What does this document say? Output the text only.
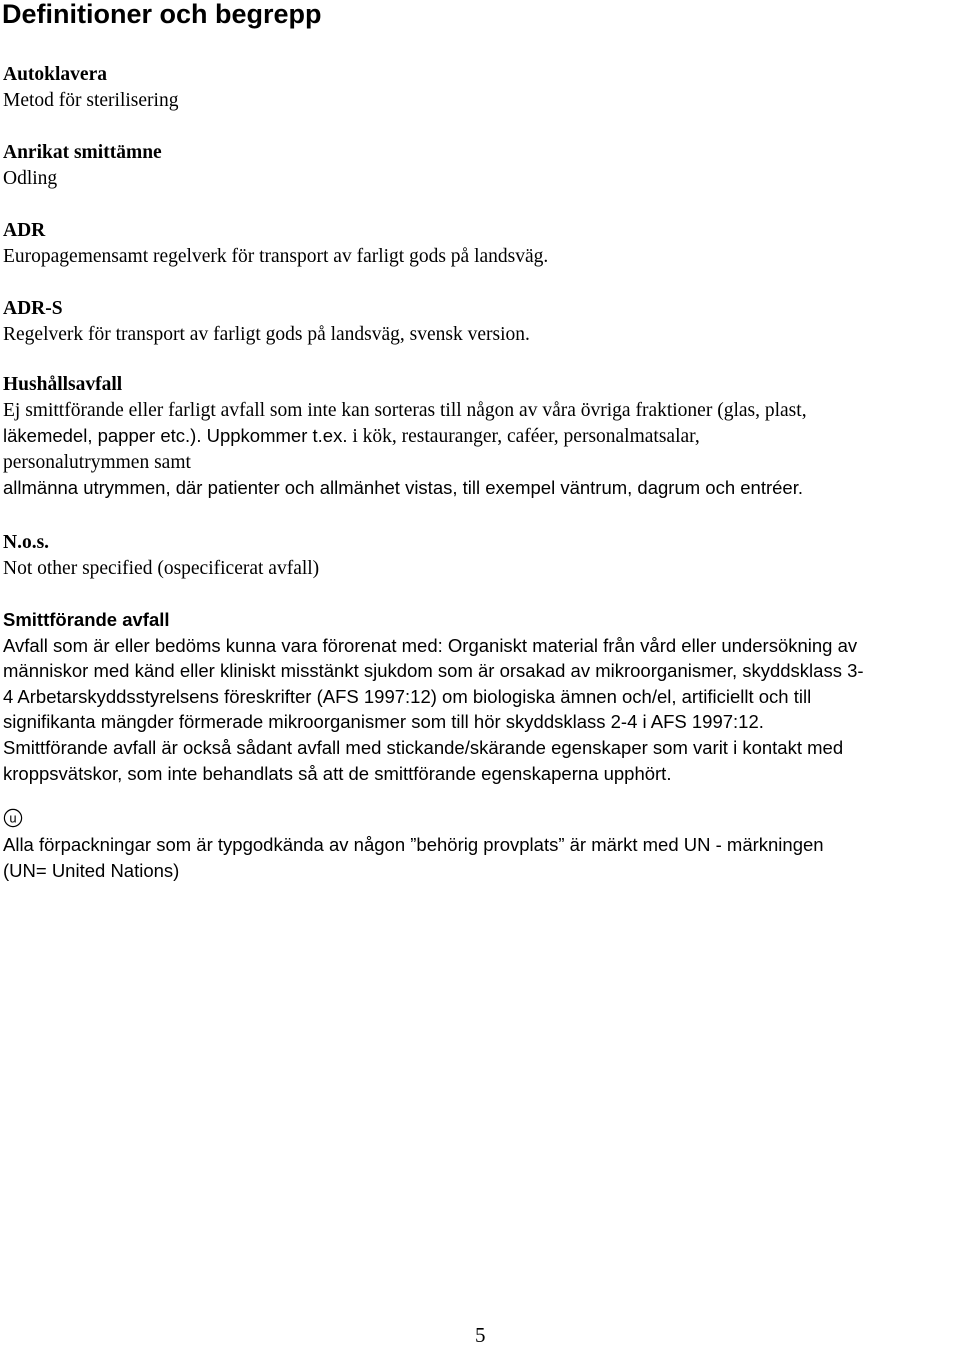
Definitioner och begrepp
Autoklavera
Metod för sterilisering
Anrikat smittämne
Odling
ADR
Europagemensamt regelverk för transport av farligt gods på landsväg.
ADR-S
Regelverk för transport av farligt gods på landsväg, svensk version.
Hushållsavfall
Ej smittförande eller farligt avfall som inte kan sorteras till någon av våra övriga fraktioner (glas, plast,
läkemedel, papper etc.). Uppkommer t.ex. i kök, restauranger, caféer, personalmatsalar,
personalutrymmen samt
allmänna utrymmen, där patienter och allmänhet vistas, till exempel väntrum, dagrum och entréer.
N.o.s.
Not other specified (ospecificerat avfall)
Smittförande avfall
Avfall som är eller bedöms kunna vara förorenat med: Organiskt material från vård eller undersökning av
människor med känd eller kliniskt misstänkt sjukdom som är orsakad av mikroorganismer, skyddsklass 3-
4 Arbetarskyddsstyrelsens föreskrifter (AFS 1997:12) om biologiska ämnen och/el, artificiellt och till
signifikanta mängder förmerade mikroorganismer som till hör skyddsklass 2-4 i AFS 1997:12.
Smittförande avfall är också sådant avfall med stickande/skärande egenskaper som varit i kontakt med
kroppsvätskor, som inte behandlats så att de smittförande egenskaperna upphört.
u
Alla förpackningar som är typgodkända av någon ”behörig provplats” är märkt med UN - märkningen
(UN= United Nations)
5
